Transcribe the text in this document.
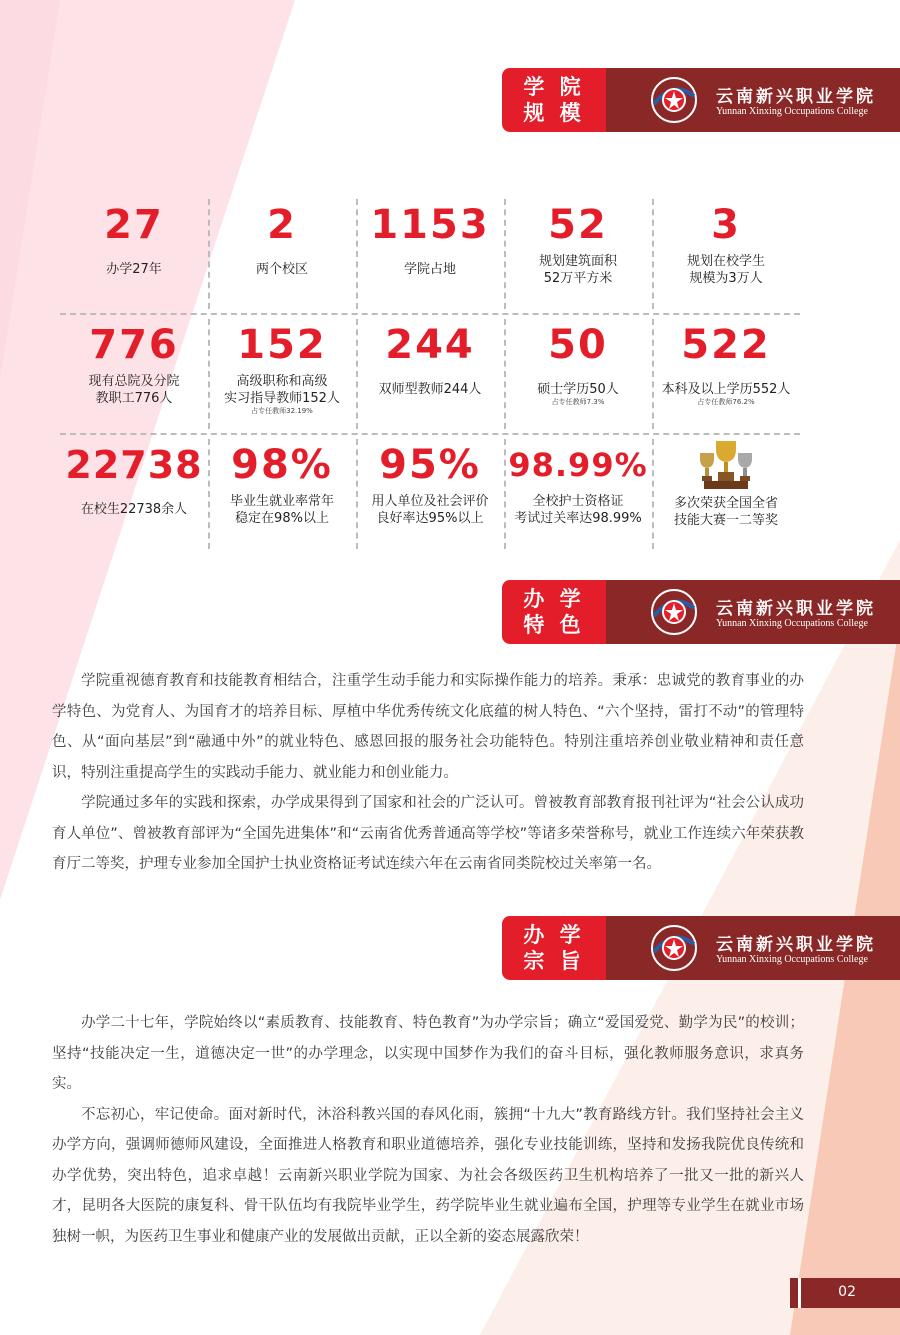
学 院
规 模
云南新兴职业学院
Yunnan Xinxing Occupations College
27
办学27年
2
两个校区
1153
学院占地
52
规划建筑面积
52万平方米
3
规划在校学生
规模为3万人
776
现有总院及分院
教职工776人
152
高级职称和高级
实习指导教师152人
占专任教师32.19%
244
双师型教师244人
50
硕士学历50人
占专任教师7.3%
522
本科及以上学历552人
占专任教师76.2%
22738
在校生22738余人
98%
毕业生就业率常年
稳定在98%以上
95%
用人单位及社会评价
良好率达95%以上
98.99%
全校护士资格证
考试过关率达98.99%
多次荣获全国全省
技能大赛一二等奖
办 学
特 色
云南新兴职业学院
Yunnan Xinxing Occupations College

学院重视德育教育和技能教育相结合，注重学生动手能力和实际操作能力的培养。秉承：忠诚党的教育事业的办学特色、为党育人、为国育才的培养目标、厚植中华优秀传统文化底蕴的树人特色、“六个坚持，雷打不动”的管理特色、从“面向基层”到“融通中外”的就业特色、感恩回报的服务社会功能特色。特别注重培养创业敬业精神和责任意识，特别注重提高学生的实践动手能力、就业能力和创业能力。

学院通过多年的实践和探索，办学成果得到了国家和社会的广泛认可。曾被教育部教育报刊社评为“社会公认成功育人单位”、曾被教育部评为“全国先进集体”和“云南省优秀普通高等学校”等诸多荣誉称号，就业工作连续六年荣获教育厅二等奖，护理专业参加全国护士执业资格证考试连续六年在云南省同类院校过关率第一名。

办 学
宗 旨
云南新兴职业学院
Yunnan Xinxing Occupations College

办学二十七年，学院始终以“素质教育、技能教育、特色教育”为办学宗旨；确立“爱国爱党、勤学为民”的校训；坚持“技能决定一生，道德决定一世”的办学理念，以实现中国梦作为我们的奋斗目标，强化教师服务意识，求真务实。

不忘初心，牢记使命。面对新时代，沐浴科教兴国的春风化雨，簇拥“十九大”教育路线方针。我们坚持社会主义办学方向，强调师德师风建设，全面推进人格教育和职业道德培养，强化专业技能训练，坚持和发扬我院优良传统和办学优势，突出特色，追求卓越！云南新兴职业学院为国家、为社会各级医药卫生机构培养了一批又一批的新兴人才，昆明各大医院的康复科、骨干队伍均有我院毕业学生，药学院毕业生就业遍布全国，护理等专业学生在就业市场独树一帜，为医药卫生事业和健康产业的发展做出贡献，正以全新的姿态展露欣荣！

02
